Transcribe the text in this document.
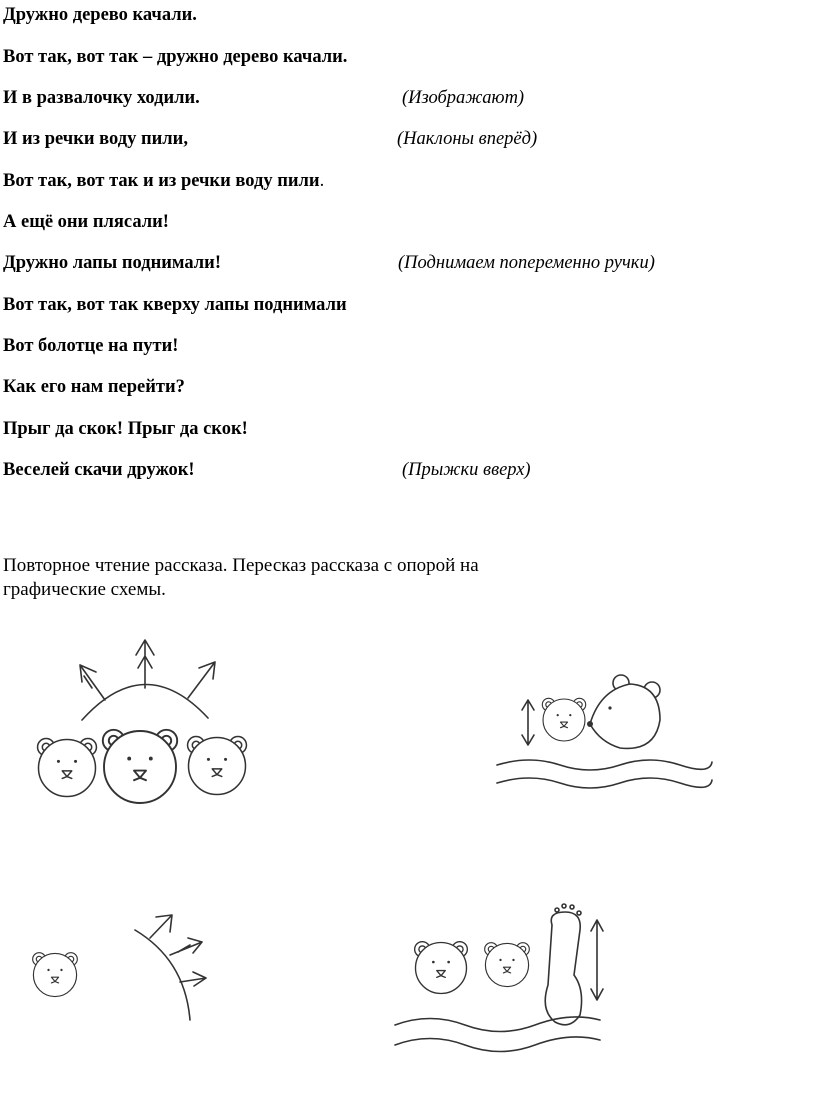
Дружно дерево качали.
Вот так, вот так – дружно дерево качали.
И в развалочку ходили.	(Изображают)
И из речки воду пили,	(Наклоны вперёд)
Вот так, вот так и из речки воду пили.
А ещё они плясали!
Дружно лапы поднимали!	(Поднимаем попеременно ручки)
Вот так, вот так кверху лапы поднимали
Вот болотце на пути!
Как его нам перейти?
Прыг да скок! Прыг да скок!
Веселей скачи дружок!	(Прыжки вверх)
Повторное чтение рассказа. Пересказ рассказа с опорой на
графические схемы.
